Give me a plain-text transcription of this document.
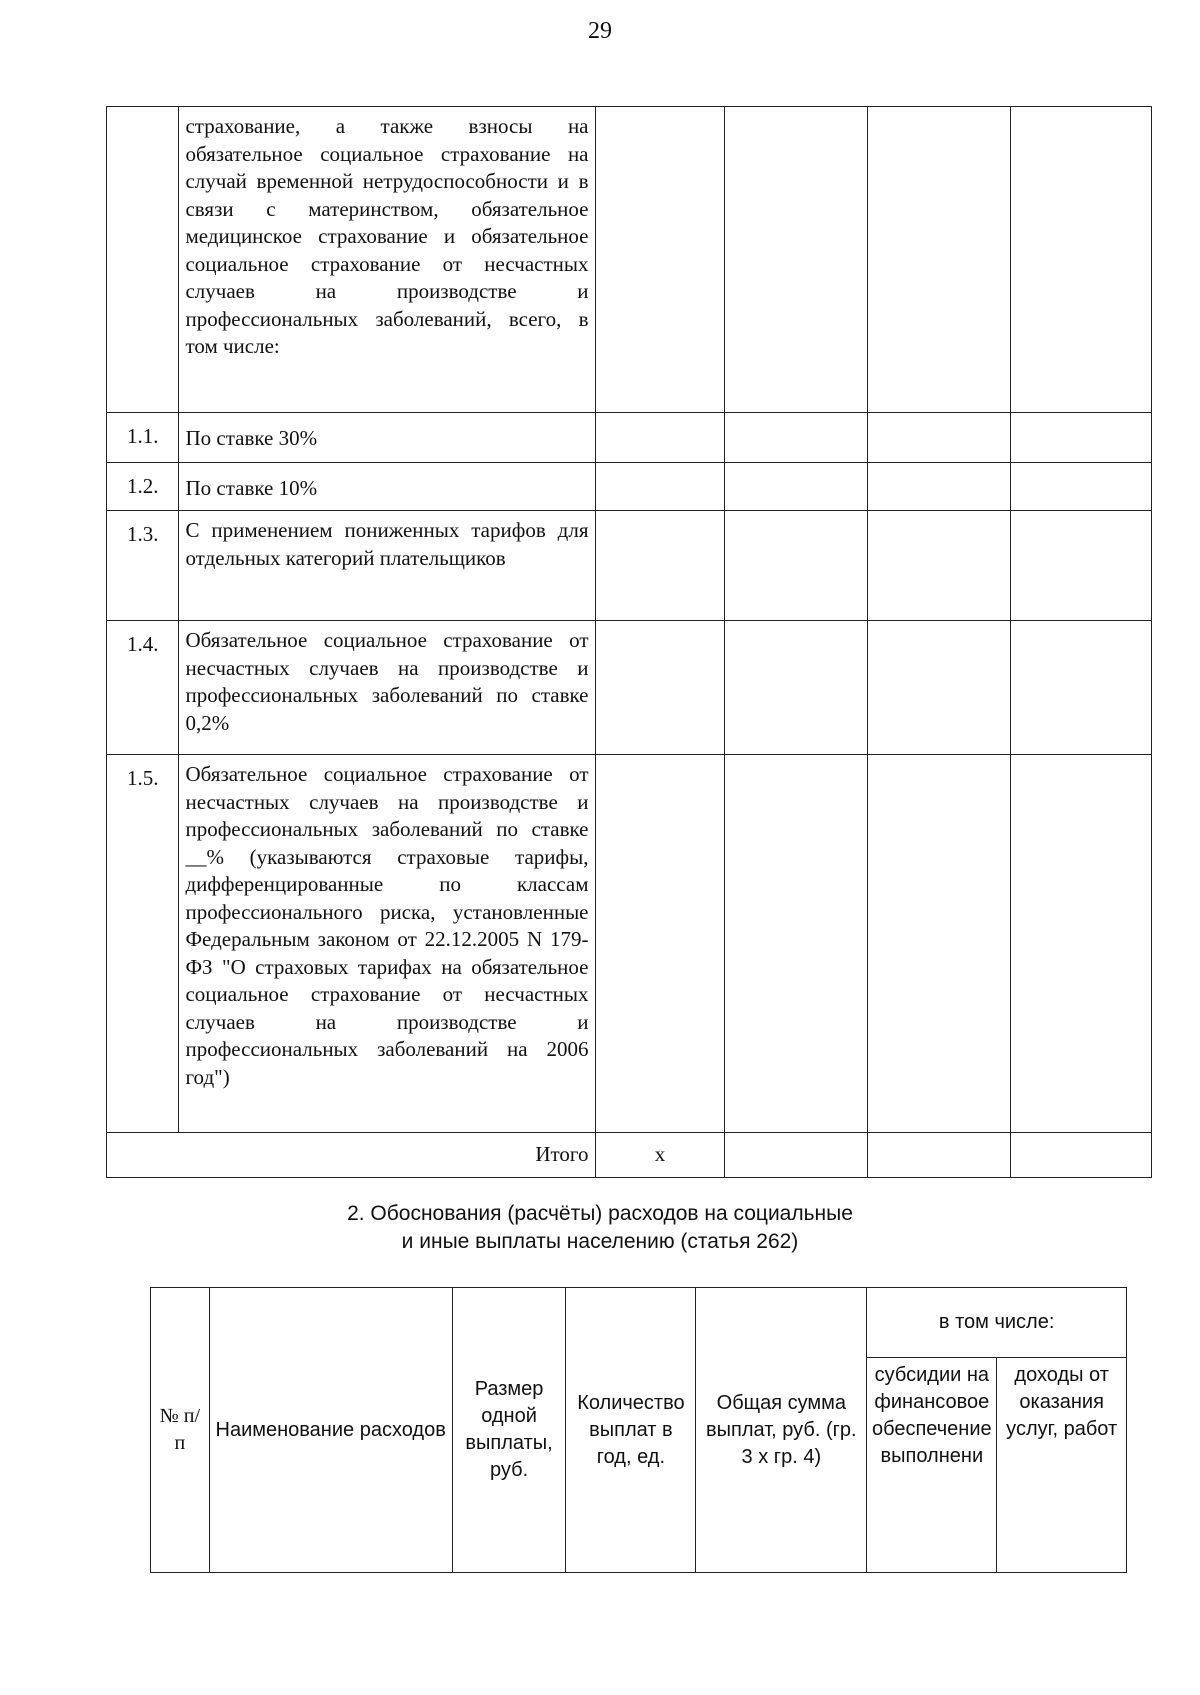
29
	страхование, а также взносы на обязательное социальное страхование на случай временной нетрудоспособности и в связи с материнством, обязательное медицинское страхование и обязательное социальное страхование от несчастных случаев на производстве и профессиональных заболеваний, всего, в том числе:				
1.1.	По ставке 30%				
1.2.	По ставке 10%				
1.3.	С применением пониженных тарифов для отдельных категорий плательщиков				
1.4.	Обязательное социальное страхование от несчастных случаев на производстве и профессиональных заболеваний по ставке 0,2%				
1.5.	Обязательное социальное страхование от несчастных случаев на производстве и профессиональных заболеваний по ставке __% (указываются страховые тарифы, дифференцированные по классам профессионального риска, установленные Федеральным законом от 22.12.2005 N 179-ФЗ "О страховых тарифах на обязательное социальное страхование от несчастных случаев на производстве и профессиональных заболеваний на 2006 год")				
Итого		x			
2. Обоснования (расчёты) расходов на социальные
и иные выплаты населению (статья 262)
№ п/п	Наименование расходов	Размер одной выплаты, руб.	Количество выплат в год, ед.	Общая сумма выплат, руб. (гр. 3 x гр. 4)	в том числе:	
					субсидии на финансовое обеспечение выполнени	доходы от оказания услуг, работ
